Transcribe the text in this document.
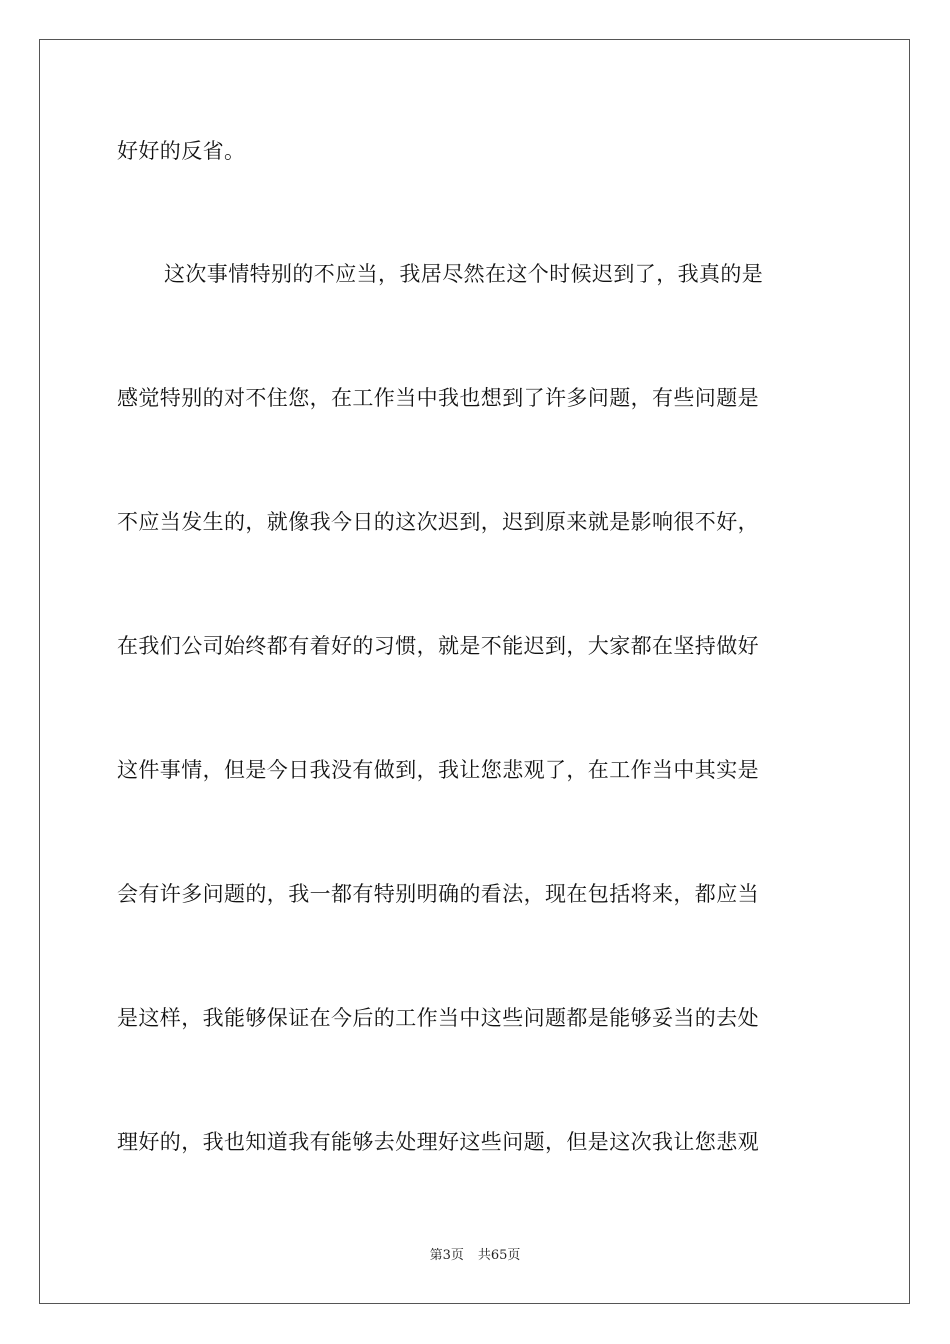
好好的反省。
这次事情特别的不应当，我居尽然在这个时候迟到了，我真的是
感觉特别的对不住您，在工作当中我也想到了许多问题，有些问题是
不应当发生的，就像我今日的这次迟到，迟到原来就是影响很不好，
在我们公司始终都有着好的习惯，就是不能迟到，大家都在坚持做好
这件事情，但是今日我没有做到，我让您悲观了，在工作当中其实是
会有许多问题的，我一都有特别明确的看法，现在包括将来，都应当
是这样，我能够保证在今后的工作当中这些问题都是能够妥当的去处
理好的，我也知道我有能够去处理好这些问题，但是这次我让您悲观
第3页 共65页
